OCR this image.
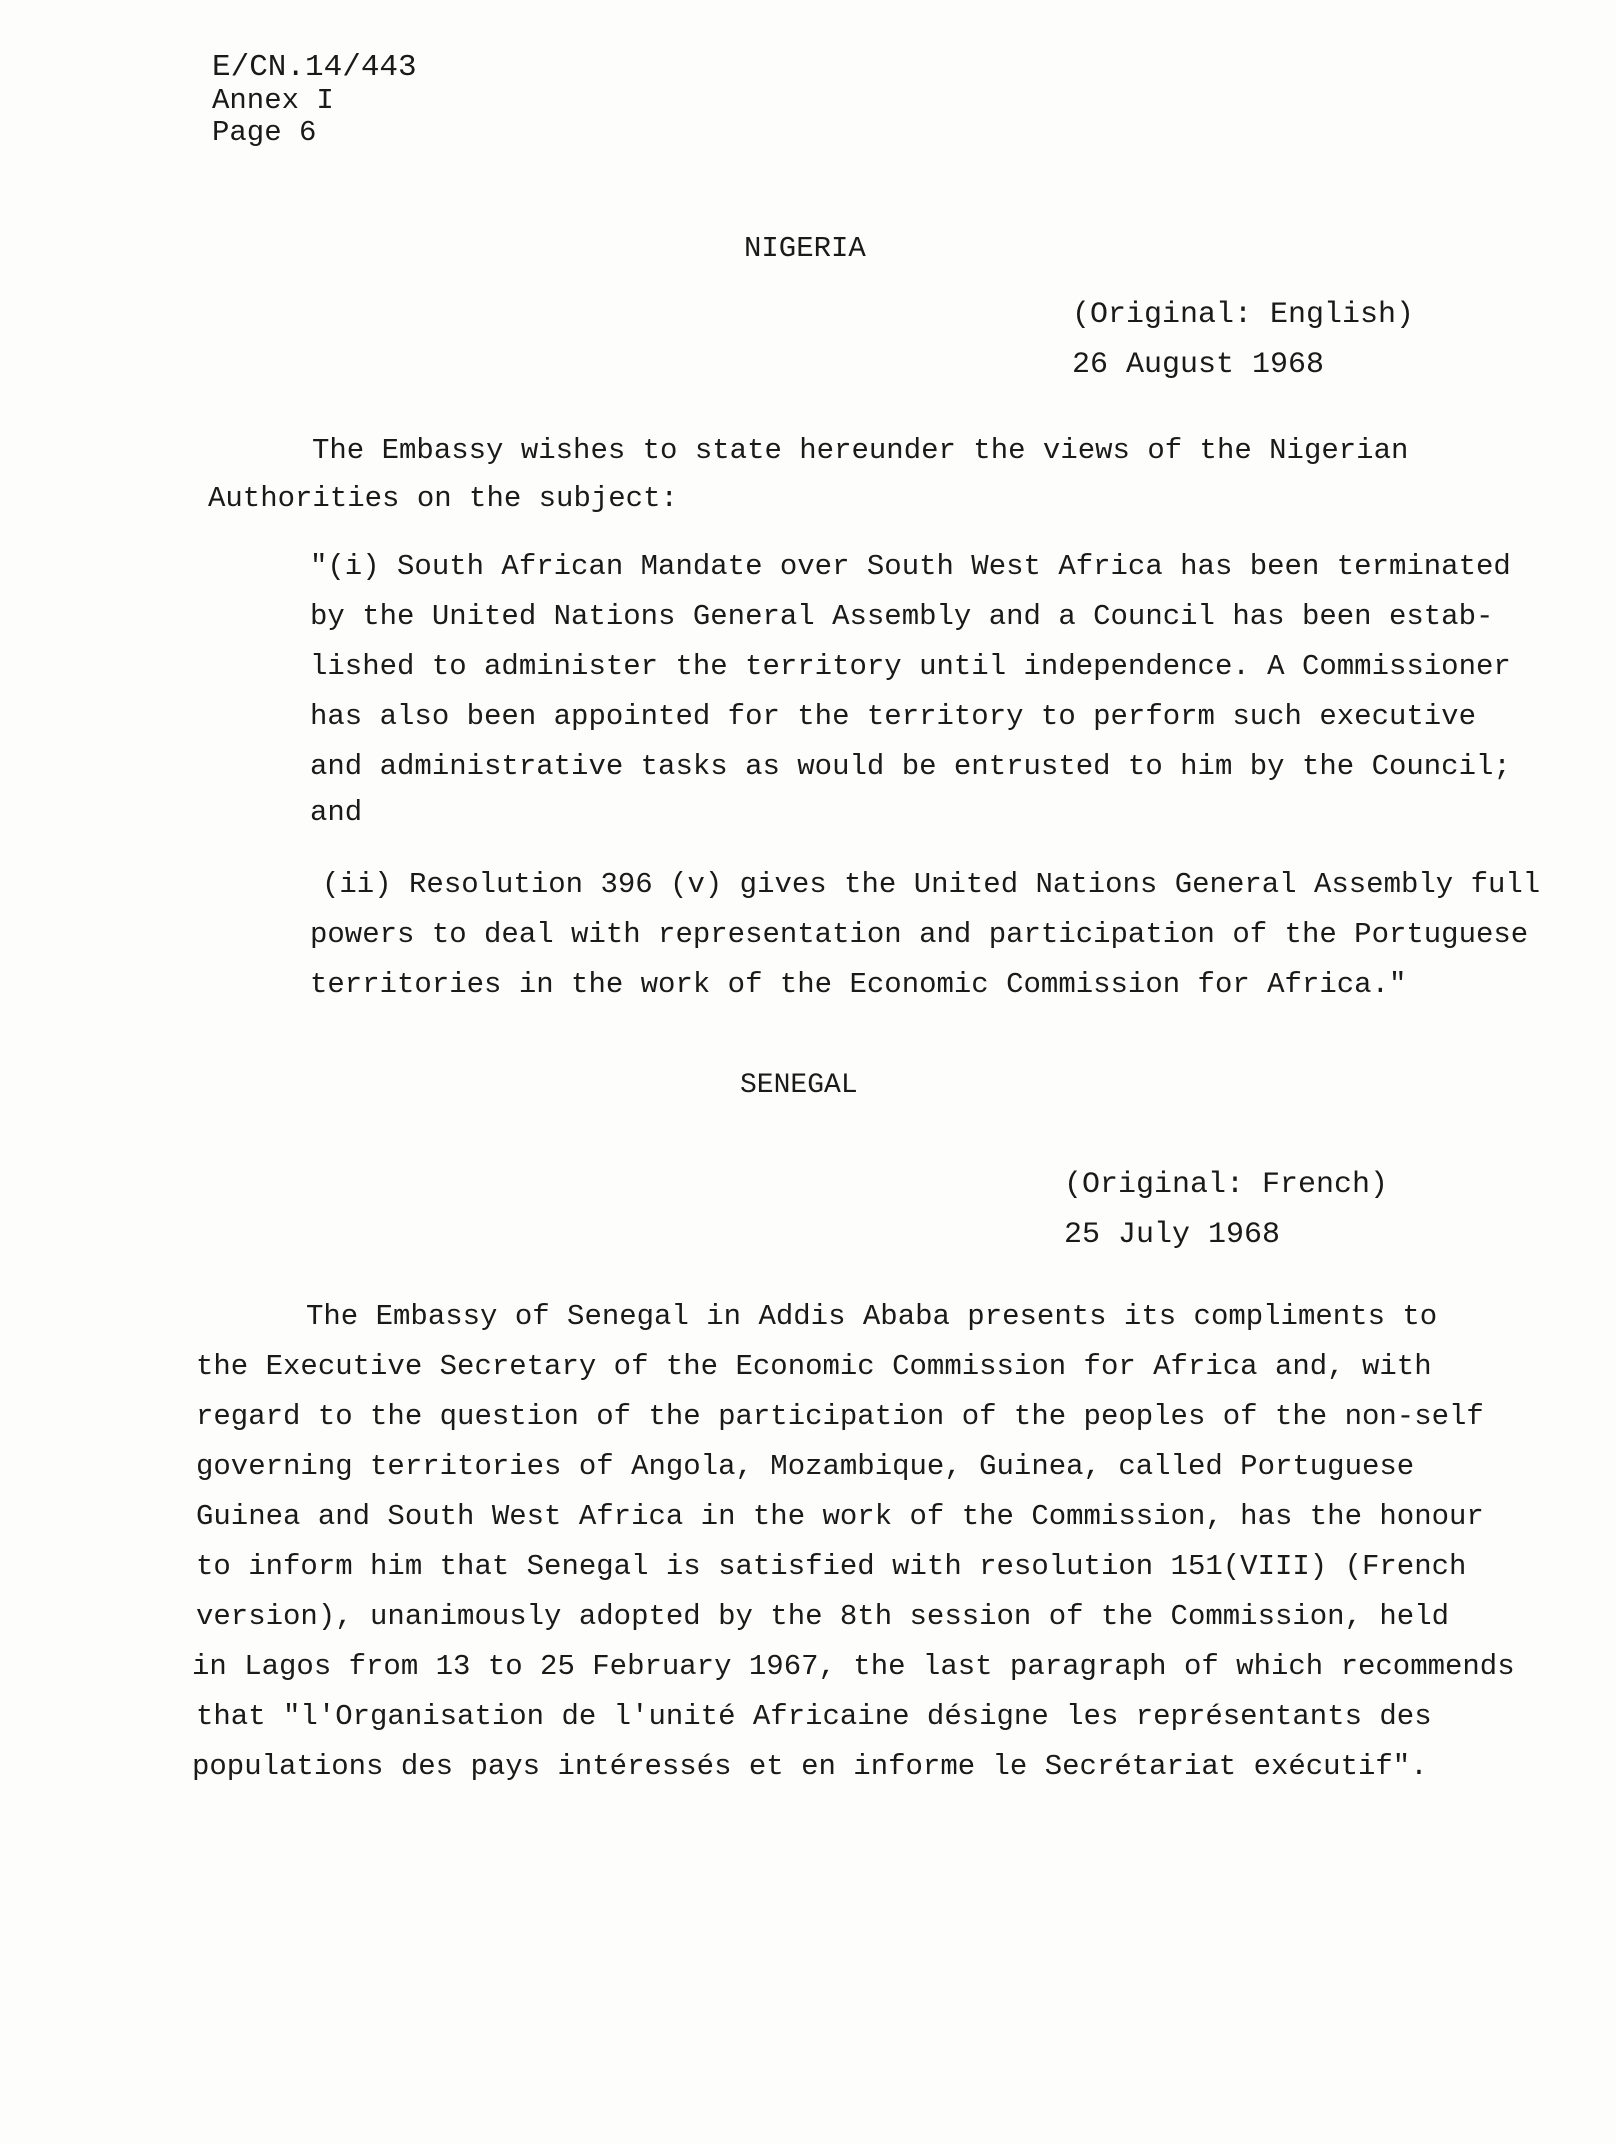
E/CN.14/443

Annex I

Page 6

NIGERIA

(Original: English)

26 August 1968

The Embassy wishes to state hereunder the views of the Nigerian

Authorities on the subject:

"(i) South African Mandate over South West Africa has been terminated

by the United Nations General Assembly and a Council has been estab-

lished to administer the territory until independence. A Commissioner

has also been appointed for the territory to perform such executive

and administrative tasks as would be entrusted to him by the Council;

and

(ii) Resolution 396 (v) gives the United Nations General Assembly full

powers to deal with representation and participation of the Portuguese

territories in the work of the Economic Commission for Africa."

SENEGAL

(Original: French)

25 July 1968

The Embassy of Senegal in Addis Ababa presents its compliments to

the Executive Secretary of the Economic Commission for Africa and, with

regard to the question of the participation of the peoples of the non-self

governing territories of Angola, Mozambique, Guinea, called Portuguese

Guinea and South West Africa in the work of the Commission, has the honour

to inform him that Senegal is satisfied with resolution 151(VIII) (French

version), unanimously adopted by the 8th session of the Commission, held

in Lagos from 13 to 25 February 1967, the last paragraph of which recommends

that "l'Organisation de l'unité Africaine désigne les représentants des

populations des pays intéressés et en informe le Secrétariat exécutif".
